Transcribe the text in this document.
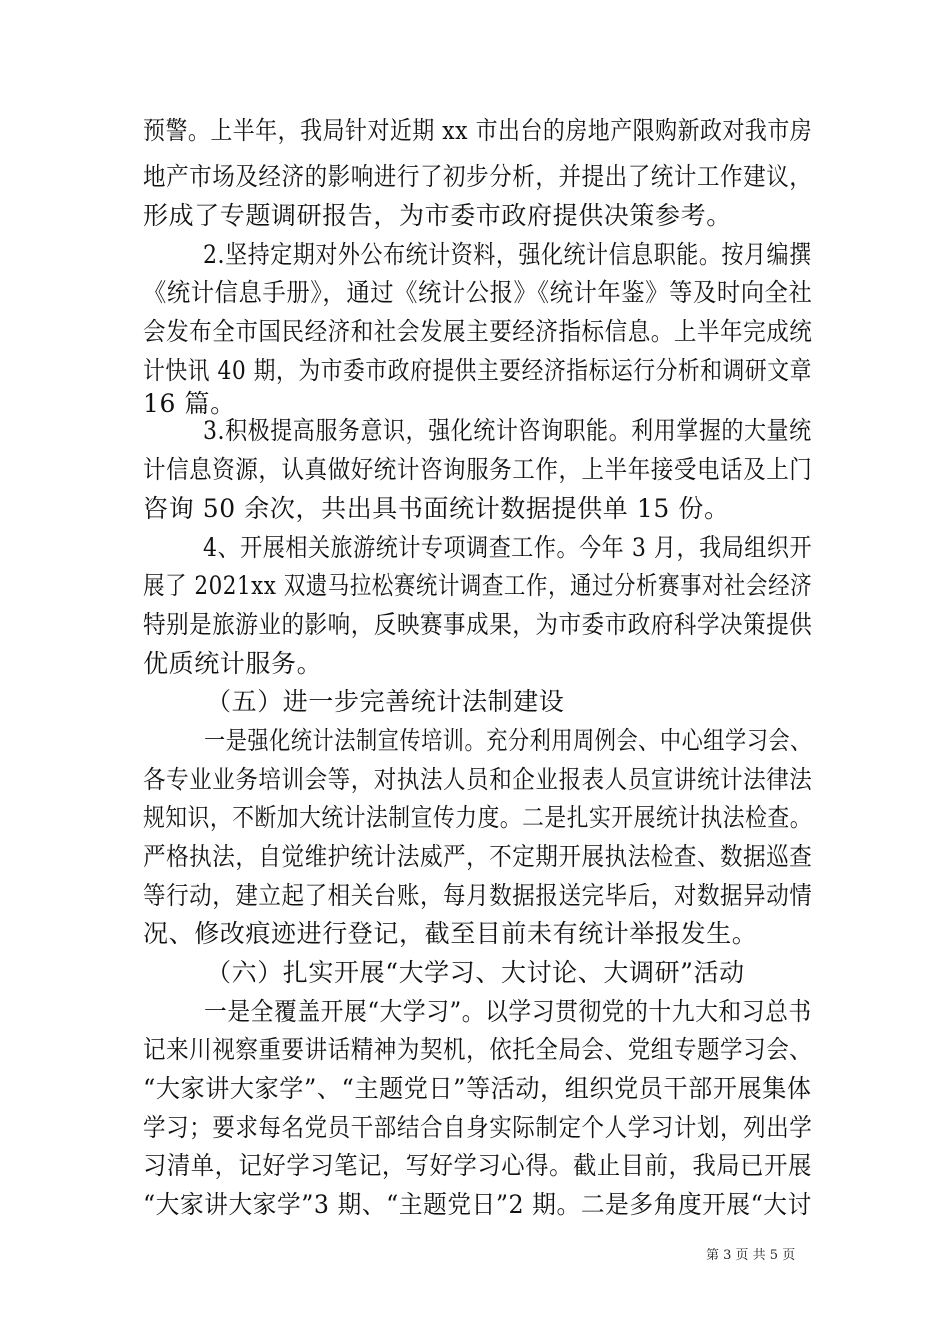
预警。上半年，我局针对近期 xx 市出台的房地产限购新政对我市房
地产市场及经济的影响进行了初步分析，并提出了统计工作建议，
形成了专题调研报告，为市委市政府提供决策参考。
2.坚持定期对外公布统计资料，强化统计信息职能。按月编撰
《统计信息手册》，通过《统计公报》《统计年鉴》等及时向全社
会发布全市国民经济和社会发展主要经济指标信息。上半年完成统
计快讯 40 期，为市委市政府提供主要经济指标运行分析和调研文章
16 篇。
3.积极提高服务意识，强化统计咨询职能。利用掌握的大量统
计信息资源，认真做好统计咨询服务工作，上半年接受电话及上门
咨询 50 余次，共出具书面统计数据提供单 15 份。
4、开展相关旅游统计专项调查工作。今年 3 月，我局组织开
展了 2021xx 双遗马拉松赛统计调查工作，通过分析赛事对社会经济
特别是旅游业的影响，反映赛事成果，为市委市政府科学决策提供
优质统计服务。
（五）进一步完善统计法制建设
一是强化统计法制宣传培训。充分利用周例会、中心组学习会、
各专业业务培训会等，对执法人员和企业报表人员宣讲统计法律法
规知识，不断加大统计法制宣传力度。二是扎实开展统计执法检查。
严格执法，自觉维护统计法威严，不定期开展执法检查、数据巡查
等行动，建立起了相关台账，每月数据报送完毕后，对数据异动情
况、修改痕迹进行登记，截至目前未有统计举报发生。
（六）扎实开展“大学习、大讨论、大调研”活动
一是全覆盖开展“大学习”。以学习贯彻党的十九大和习总书
记来川视察重要讲话精神为契机，依托全局会、党组专题学习会、
“大家讲大家学”、“主题党日”等活动，组织党员干部开展集体
学习；要求每名党员干部结合自身实际制定个人学习计划，列出学
习清单，记好学习笔记，写好学习心得。截止目前，我局已开展
“大家讲大家学”3 期、“主题党日”2 期。二是多角度开展“大讨
第 3 页 共 5 页
